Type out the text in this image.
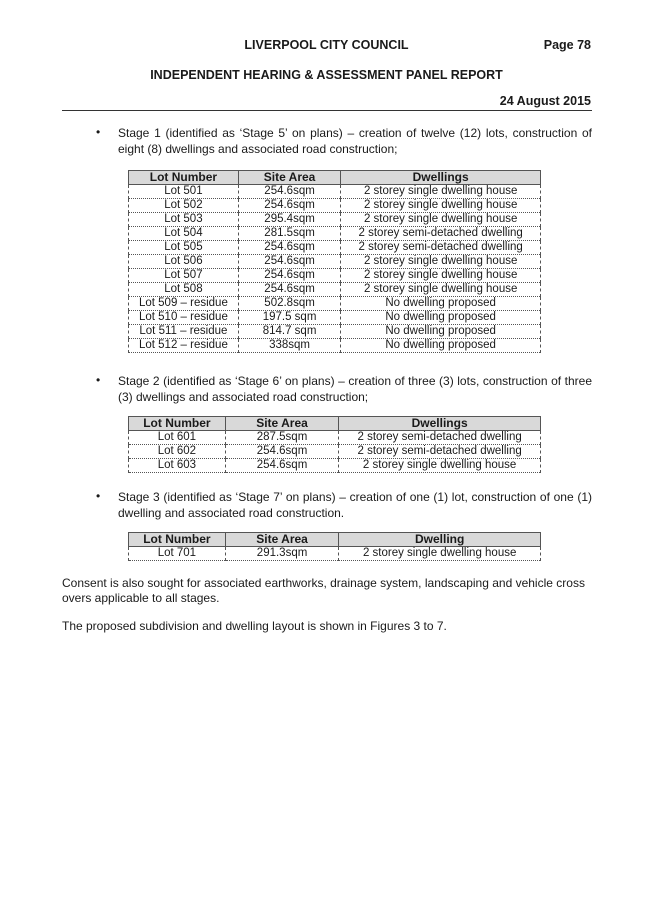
LIVERPOOL CITY COUNCIL	Page 78
INDEPENDENT HEARING & ASSESSMENT PANEL REPORT
24 August 2015
• Stage 1 (identified as ‘Stage 5’ on plans) – creation of twelve (12) lots, construction of eight (8) dwellings and associated road construction;
Lot Number	Site Area	Dwellings
Lot 501	254.6sqm	2 storey single dwelling house
Lot 502	254.6sqm	2 storey single dwelling house
Lot 503	295.4sqm	2 storey single dwelling house
Lot 504	281.5sqm	2 storey semi-detached dwelling
Lot 505	254.6sqm	2 storey semi-detached dwelling
Lot 506	254.6sqm	2 storey single dwelling house
Lot 507	254.6sqm	2 storey single dwelling house
Lot 508	254.6sqm	2 storey single dwelling house
Lot 509 – residue	502.8sqm	No dwelling proposed
Lot 510 – residue	197.5 sqm	No dwelling proposed
Lot 511 – residue	814.7 sqm	No dwelling proposed
Lot 512 – residue	338sqm	No dwelling proposed
• Stage 2 (identified as ‘Stage 6’ on plans) – creation of three (3) lots, construction of three (3) dwellings and associated road construction;
Lot Number	Site Area	Dwellings
Lot 601	287.5sqm	2 storey semi-detached dwelling
Lot 602	254.6sqm	2 storey semi-detached dwelling
Lot 603	254.6sqm	2 storey single dwelling house
• Stage 3 (identified as ‘Stage 7’ on plans) – creation of one (1) lot, construction of one (1) dwelling and associated road construction.
Lot Number	Site Area	Dwelling
Lot 701	291.3sqm	2 storey single dwelling house
Consent is also sought for associated earthworks, drainage system, landscaping and vehicle cross overs applicable to all stages.
The proposed subdivision and dwelling layout is shown in Figures 3 to 7.
